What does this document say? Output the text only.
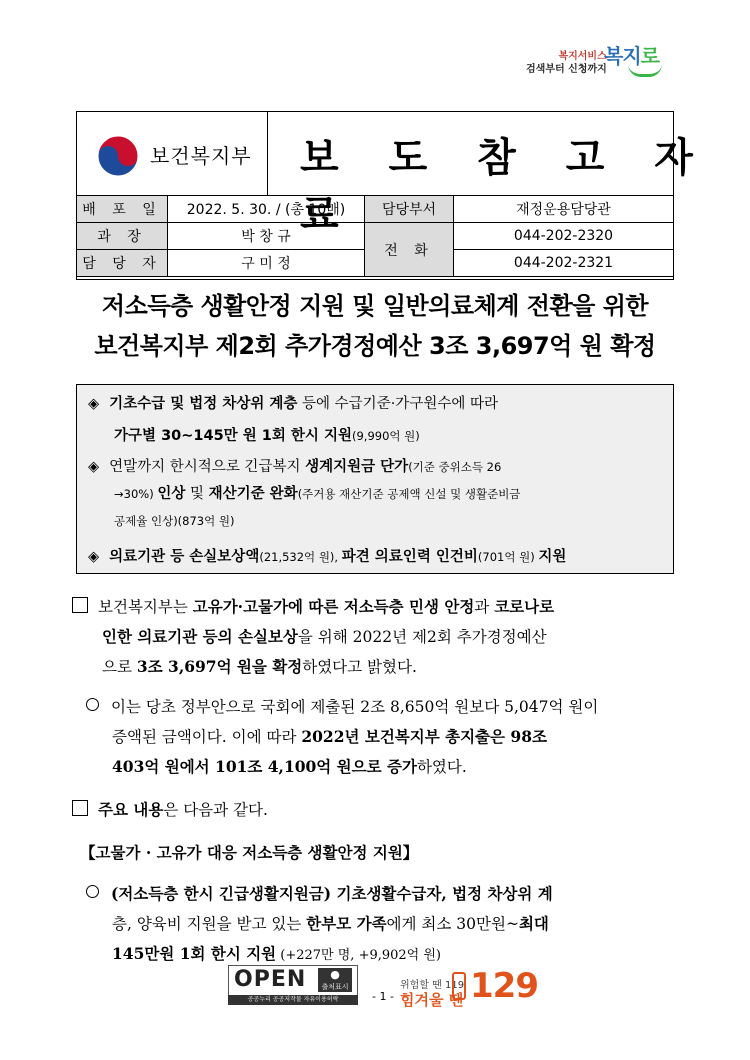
복지서비스
검색부터 신청까지
복지로
보건복지부 보 도 참 고 자 료
배 포 일	2022. 5. 30. / (총 10매)	담당부서	재정운용담당관
과 장	박 창 규	전 화	044-202-2320
담 당 자	구 미 정		044-202-2321
저소득층 생활안정 지원 및 일반의료체계 전환을 위한
보건복지부 제2회 추가경정예산 3조 3,697억 원 확정
◈ 기초수급 및 법정 차상위 계층 등에 수급기준·가구원수에 따라
가구별 30∼145만 원 1회 한시 지원(9,990억 원)
◈ 연말까지 한시적으로 긴급복지 생계지원금 단가(기준 중위소득 26
→30%) 인상 및 재산기준 완화(주거용 재산기준 공제액 신설 및 생활준비금
공제율 인상)(873억 원)
◈ 의료기관 등 손실보상액(21,532억 원), 파견 의료인력 인건비(701억 원) 지원
보건복지부는 고유가·고물가에 따른 저소득층 민생 안정과 코로나로
인한 의료기관 등의 손실보상을 위해 2022년 제2회 추가경정예산
으로 3조 3,697억 원을 확정하였다고 밝혔다.
이는 당초 정부안으로 국회에 제출된 2조 8,650억 원보다 5,047억 원이
증액된 금액이다. 이에 따라 2022년 보건복지부 총지출은 98조
403억 원에서 101조 4,100억 원으로 증가하였다.
주요 내용은 다음과 같다.
【고물가 · 고유가 대응 저소득층 생활안정 지원】
(저소득층 한시 긴급생활지원금) 기초생활수급자, 법정 차상위 계
층, 양육비 지원을 받고 있는 한부모 가족에게 최소 30만원~최대
145만원 1회 한시 지원 (+227만 명, +9,902억 원)
OPEN	●
출처표시
공공누리 공공저작물 자유이용허락	- 1 -
위험할 땐 119
힘겨울 땐 129
